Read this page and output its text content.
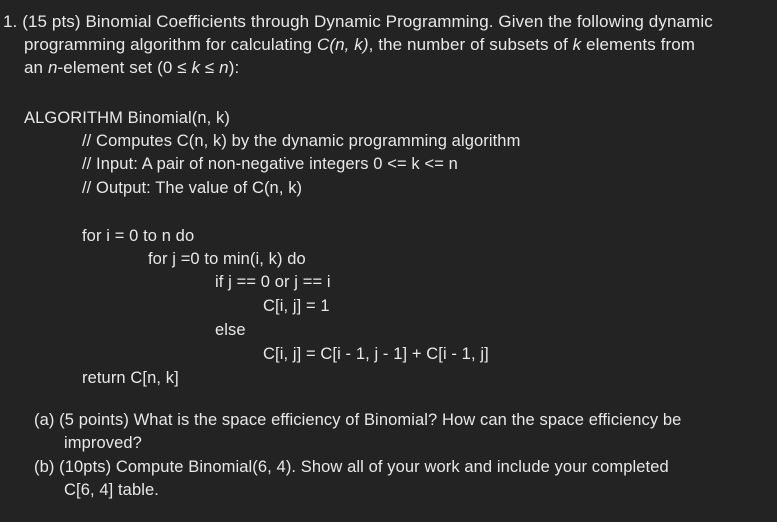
1. (15 pts) Binomial Coefficients through Dynamic Programming. Given the following dynamic
programming algorithm for calculating C(n, k), the number of subsets of k elements from
an n-element set (0 ≤ k ≤ n):
ALGORITHM Binomial(n, k)
// Computes C(n, k) by the dynamic programming algorithm
// Input: A pair of non-negative integers 0 <= k <= n
// Output: The value of C(n, k)
for i = 0 to n do
for j =0 to min(i, k) do
if j == 0 or j == i
C[i, j] = 1
else
C[i, j] = C[i - 1, j - 1] + C[i - 1, j]
return C[n, k]
(a) (5 points) What is the space efficiency of Binomial? How can the space efficiency be
improved?
(b) (10pts) Compute Binomial(6, 4). Show all of your work and include your completed
C[6, 4] table.
